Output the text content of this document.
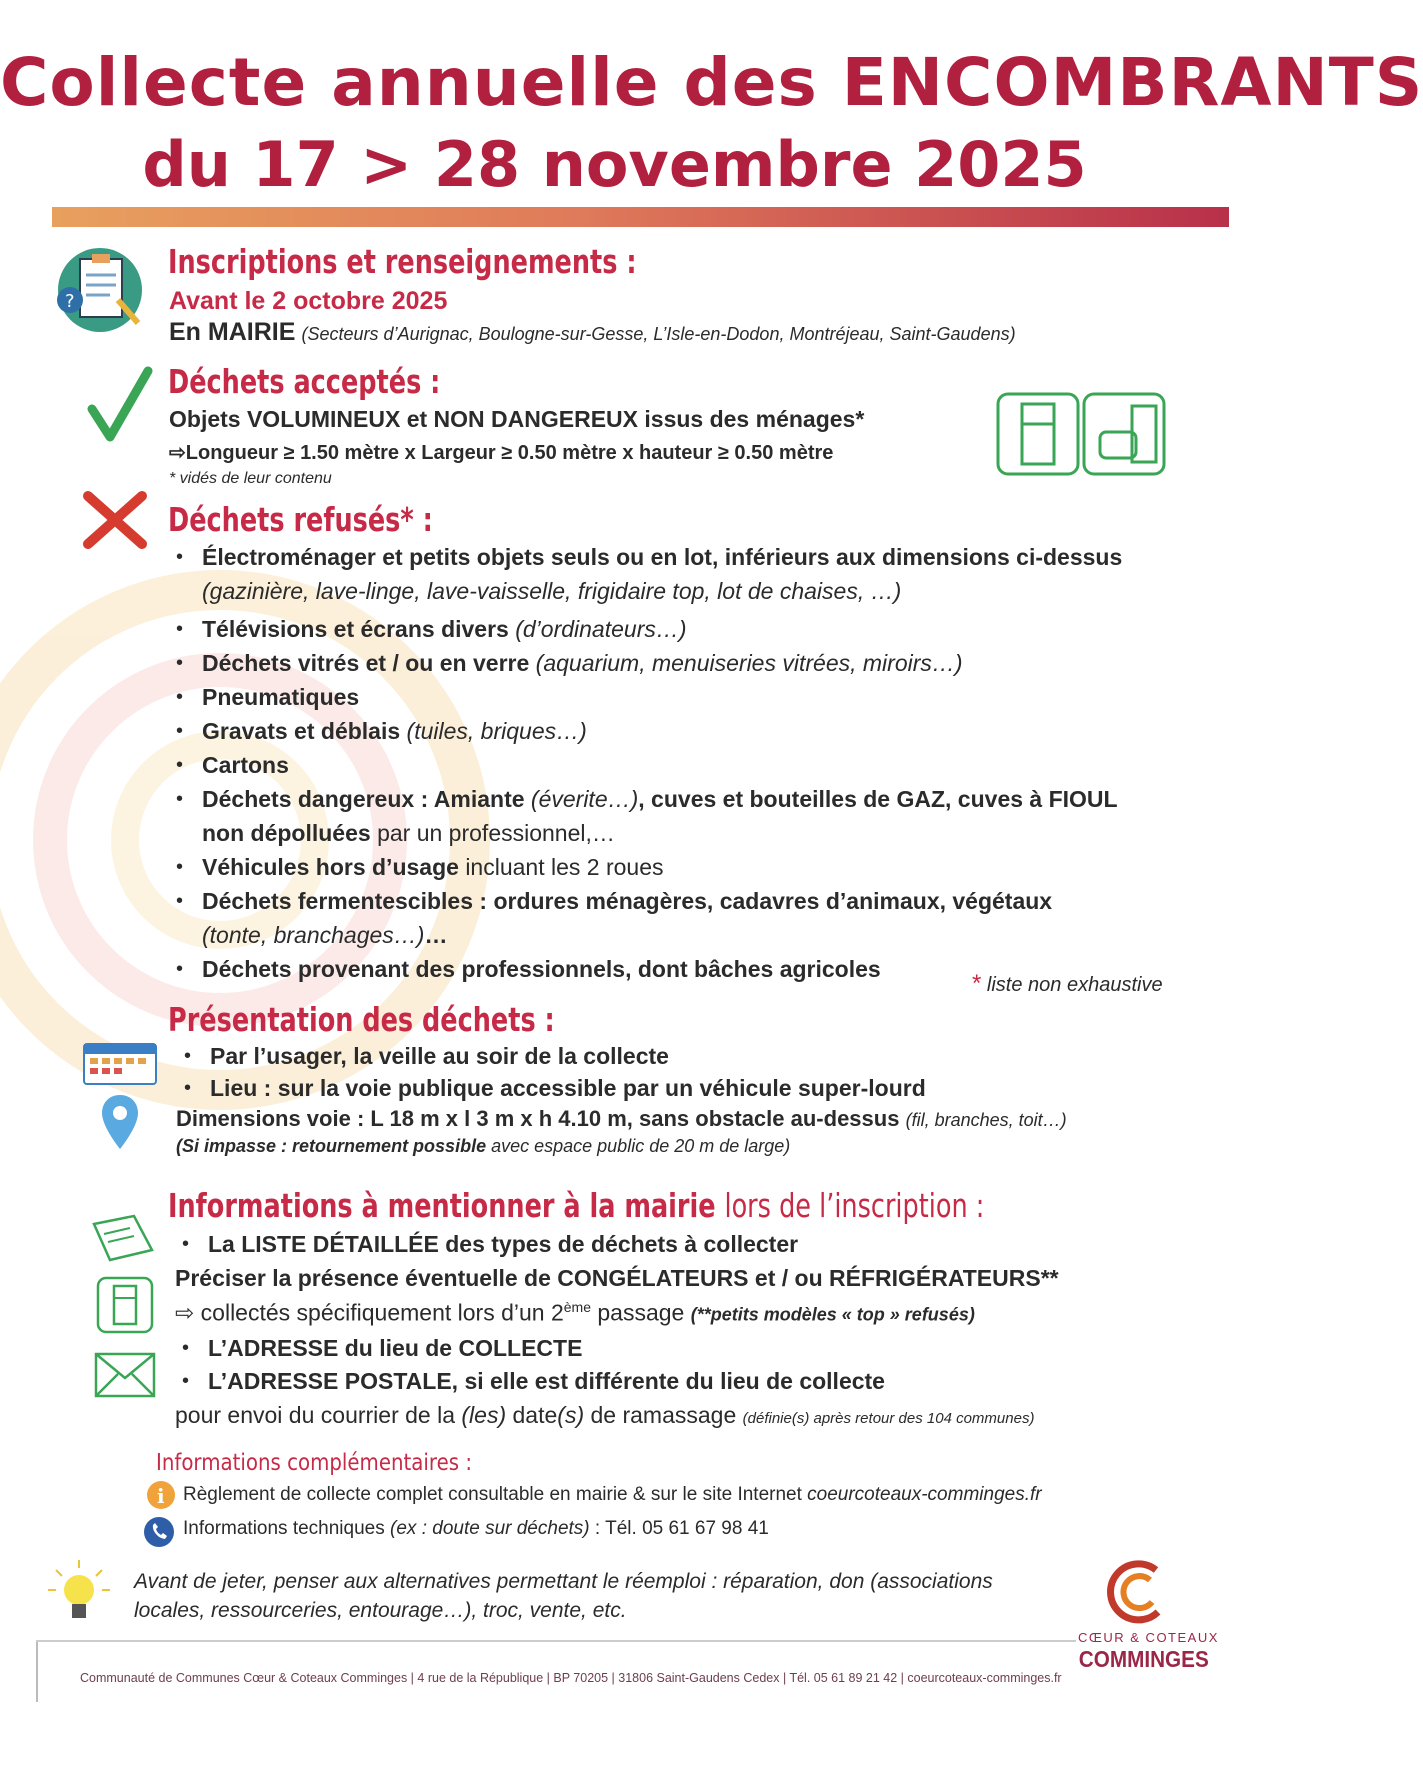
Collecte annuelle des ENCOMBRANTS
du 17 > 28 novembre 2025
?
Inscriptions et renseignements :
Avant le 2 octobre 2025
En MAIRIE (Secteurs d’Aurignac, Boulogne-sur-Gesse, L’Isle-en-Dodon, Montréjeau, Saint-Gaudens)
Déchets acceptés :
Objets VOLUMINEUX et NON DANGEREUX issus des ménages*
⇨Longueur ≥ 1.50 mètre x Largeur ≥ 0.50 mètre x hauteur ≥ 0.50 mètre
* vidés de leur contenu
Déchets refusés* :
• Électroménager et petits objets seuls ou en lot, inférieurs aux dimensions ci-dessus
(gazinière, lave-linge, lave-vaisselle, frigidaire top, lot de chaises, …)
• Télévisions et écrans divers (d’ordinateurs…)
• Déchets vitrés et / ou en verre (aquarium, menuiseries vitrées, miroirs…)
• Pneumatiques
• Gravats et déblais (tuiles, briques…)
• Cartons
• Déchets dangereux : Amiante (éverite…), cuves et bouteilles de GAZ, cuves à FIOUL
non dépolluées par un professionnel,…
• Véhicules hors d’usage incluant les 2 roues
• Déchets fermentescibles : ordures ménagères, cadavres d’animaux, végétaux
(tonte, branchages…)…
• Déchets provenant des professionnels, dont bâches agricoles
* liste non exhaustive
Présentation des déchets :
• Par l’usager, la veille au soir de la collecte
• Lieu : sur la voie publique accessible par un véhicule super-lourd
Dimensions voie : L 18 m x l 3 m x h 4.10 m, sans obstacle au-dessus (fil, branches, toit…)
(Si impasse : retournement possible avec espace public de 20 m de large)
Informations à mentionner à la mairie lors de l’inscription :
• La LISTE DÉTAILLÉE des types de déchets à collecter
Préciser la présence éventuelle de CONGÉLATEURS et / ou RÉFRIGÉRATEURS**
⇨ collectés spécifiquement lors d’un 2ème passage (**petits modèles « top » refusés)
• L’ADRESSE du lieu de COLLECTE
• L’ADRESSE POSTALE, si elle est différente du lieu de collecte
pour envoi du courrier de la (les) date(s) de ramassage (définie(s) après retour des 104 communes)
Informations complémentaires :
i Règlement de collecte complet consultable en mairie & sur le site Internet coeurcoteaux-comminges.fr
Informations techniques (ex : doute sur déchets) : Tél. 05 61 67 98 41
Avant de jeter, penser aux alternatives permettant le réemploi : réparation, don (associations
locales, ressourceries, entourage…), troc, vente, etc.
CŒUR & COTEAUX
COMMINGES
Communauté de Communes Cœur & Coteaux Comminges | 4 rue de la République | BP 70205 | 31806 Saint-Gaudens Cedex | Tél. 05 61 89 21 42 | coeurcoteaux-comminges.fr
